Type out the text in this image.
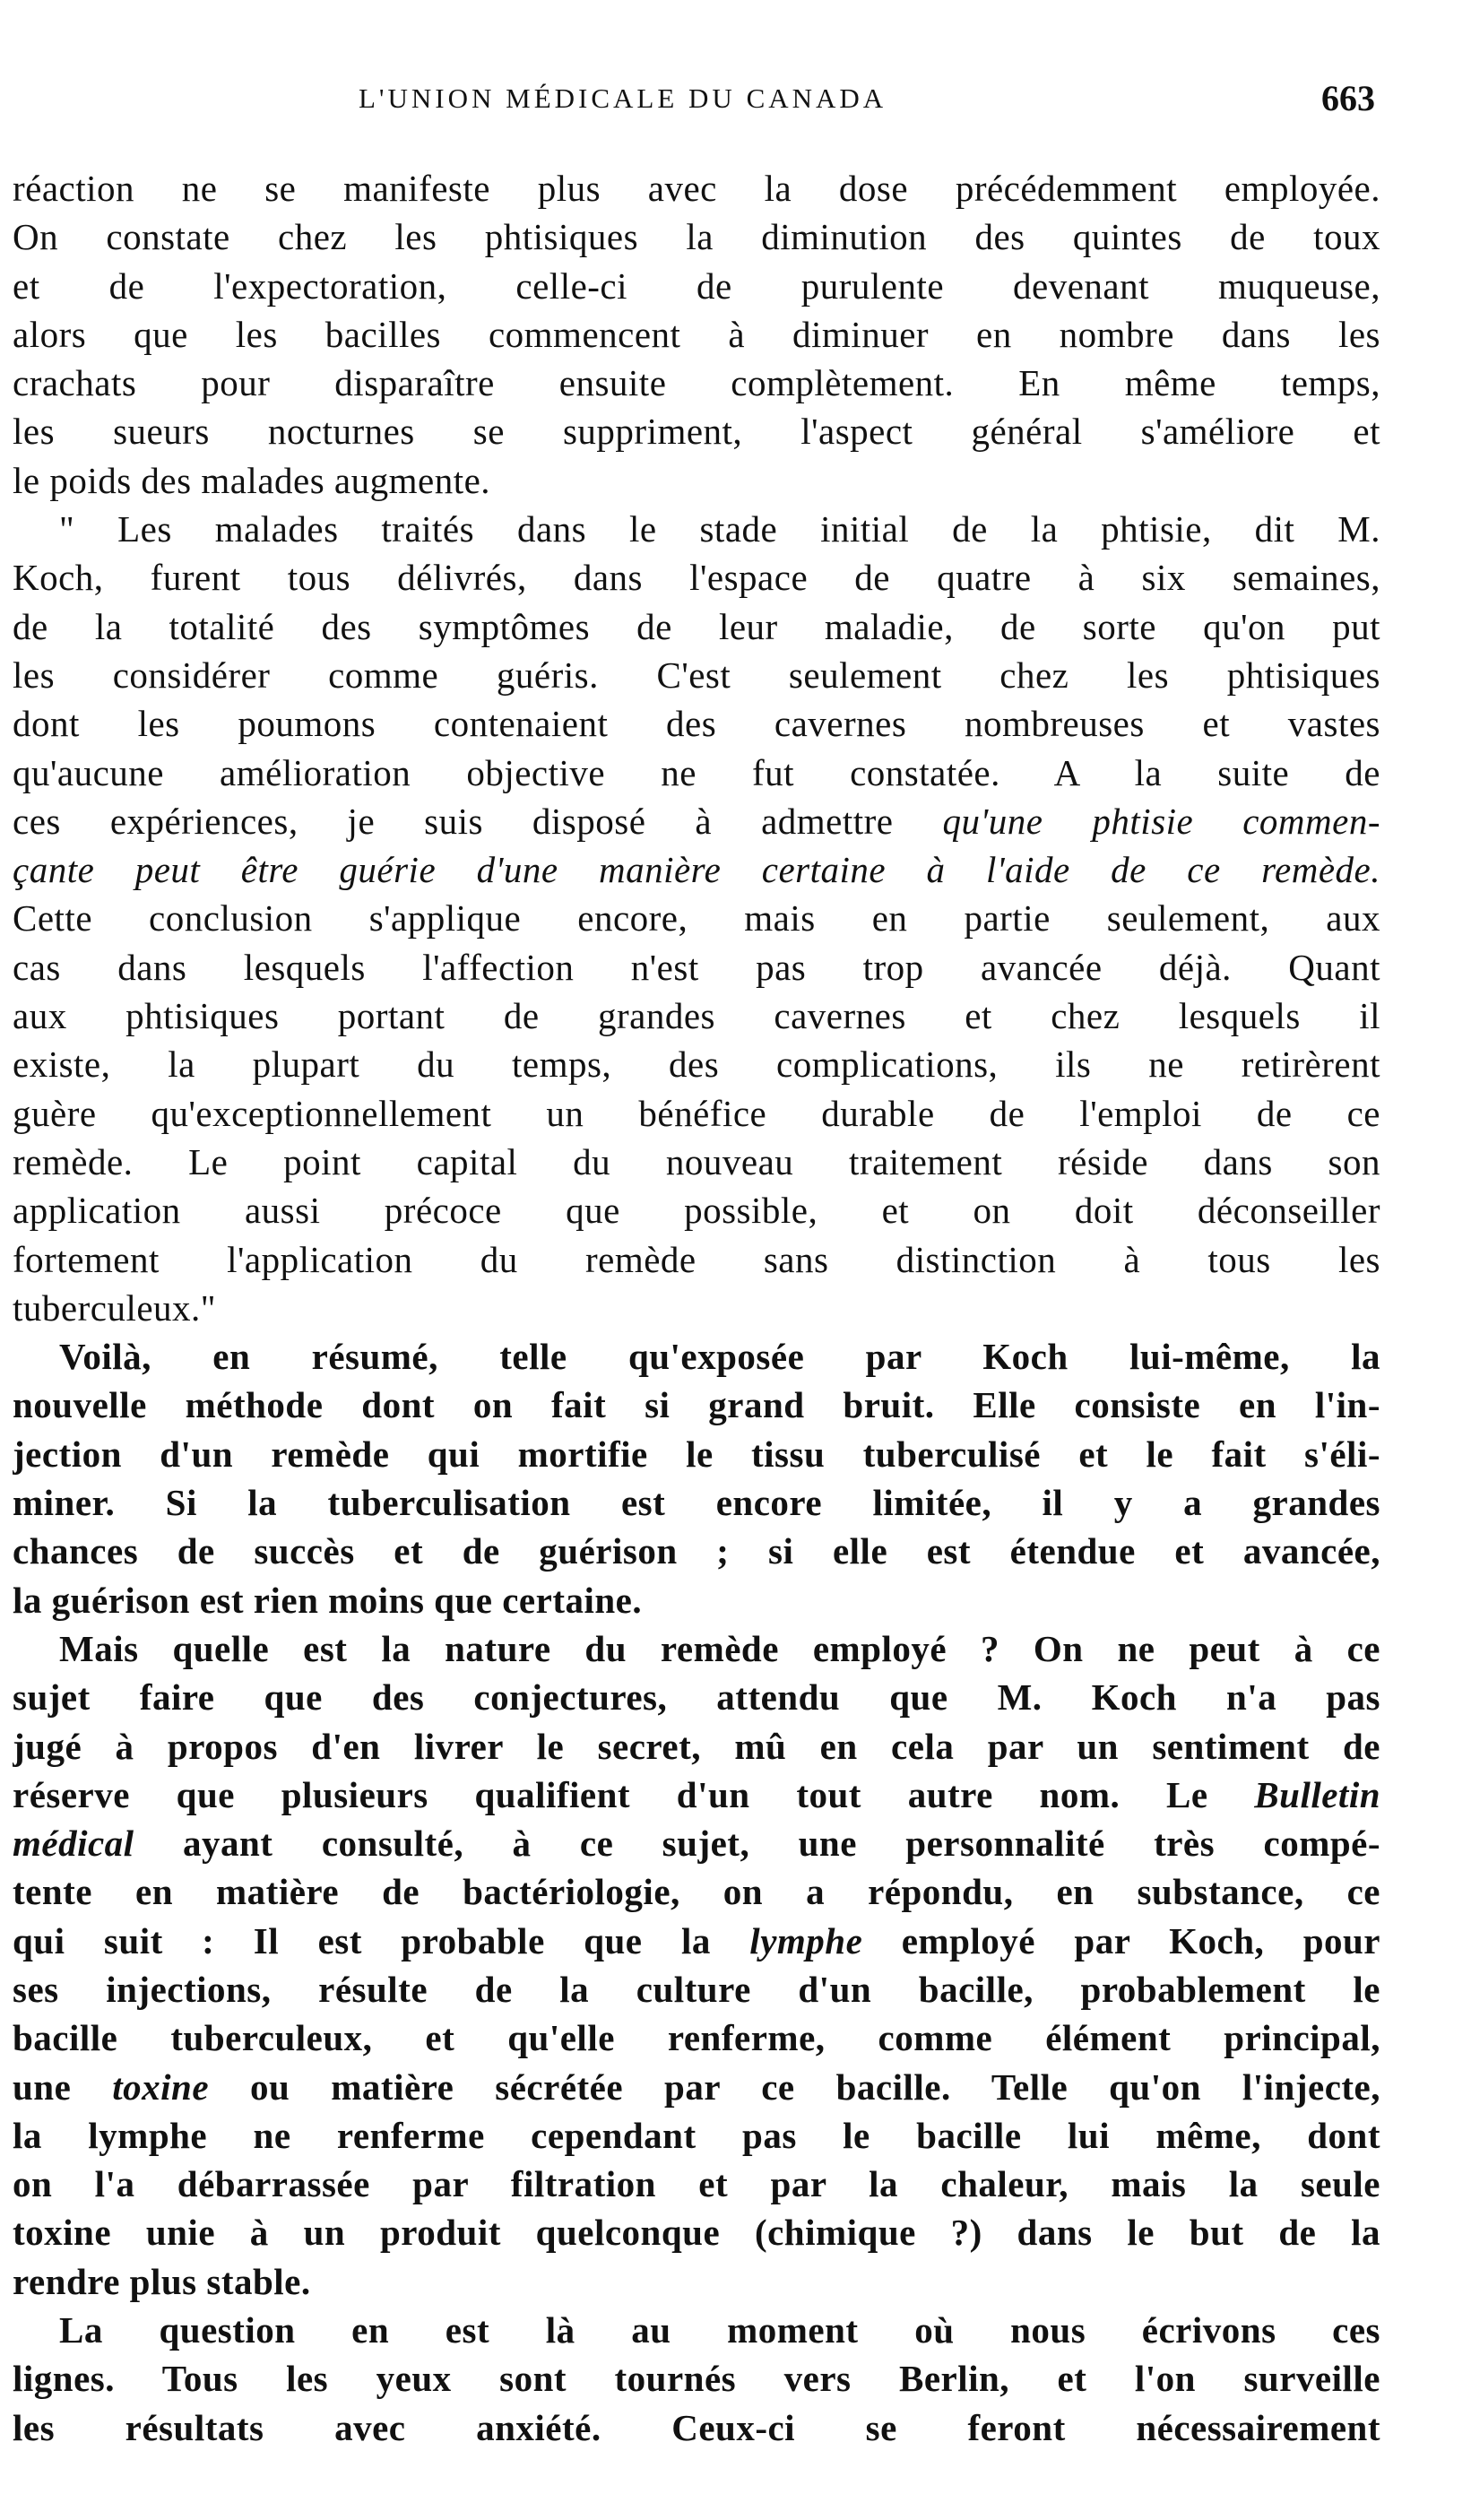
L'UNION MÉDICALE DU CANADA	663
réaction ne se manifeste plus avec la dose précédemment employée.
On constate chez les phtisiques la diminution des quintes de toux
et de l'expectoration, celle-ci de purulente devenant muqueuse,
alors que les bacilles commencent à diminuer en nombre dans les
crachats pour disparaître ensuite complètement. En même temps,
les sueurs nocturnes se suppriment, l'aspect général s'améliore et
le poids des malades augmente.
" Les malades traités dans le stade initial de la phtisie, dit M.
Koch, furent tous délivrés, dans l'espace de quatre à six semaines,
de la totalité des symptômes de leur maladie, de sorte qu'on put
les considérer comme guéris. C'est seulement chez les phtisiques
dont les poumons contenaient des cavernes nombreuses et vastes
qu'aucune amélioration objective ne fut constatée. A la suite de
ces expériences, je suis disposé à admettre qu'une phtisie commen-
çante peut être guérie d'une manière certaine à l'aide de ce remède.
Cette conclusion s'applique encore, mais en partie seulement, aux
cas dans lesquels l'affection n'est pas trop avancée déjà. Quant
aux phtisiques portant de grandes cavernes et chez lesquels il
existe, la plupart du temps, des complications, ils ne retirèrent
guère qu'exceptionnellement un bénéfice durable de l'emploi de ce
remède. Le point capital du nouveau traitement réside dans son
application aussi précoce que possible, et on doit déconseiller
fortement l'application du remède sans distinction à tous les
tuberculeux."
Voilà, en résumé, telle qu'exposée par Koch lui-même, la
nouvelle méthode dont on fait si grand bruit. Elle consiste en l'in-
jection d'un remède qui mortifie le tissu tuberculisé et le fait s'éli-
miner. Si la tuberculisation est encore limitée, il y a grandes
chances de succès et de guérison ; si elle est étendue et avancée,
la guérison est rien moins que certaine.
Mais quelle est la nature du remède employé ? On ne peut à ce
sujet faire que des conjectures, attendu que M. Koch n'a pas
jugé à propos d'en livrer le secret, mû en cela par un sentiment de
réserve que plusieurs qualifient d'un tout autre nom. Le Bulletin
médical ayant consulté, à ce sujet, une personnalité très compé-
tente en matière de bactériologie, on a répondu, en substance, ce
qui suit : Il est probable que la lymphe employé par Koch, pour
ses injections, résulte de la culture d'un bacille, probablement le
bacille tuberculeux, et qu'elle renferme, comme élément principal,
une toxine ou matière sécrétée par ce bacille. Telle qu'on l'injecte,
la lymphe ne renferme cependant pas le bacille lui même, dont
on l'a débarrassée par filtration et par la chaleur, mais la seule
toxine unie à un produit quelconque (chimique ?) dans le but de la
rendre plus stable.
La question en est là au moment où nous écrivons ces
lignes. Tous les yeux sont tournés vers Berlin, et l'on surveille
les résultats avec anxiété. Ceux-ci se feront nécessairement
